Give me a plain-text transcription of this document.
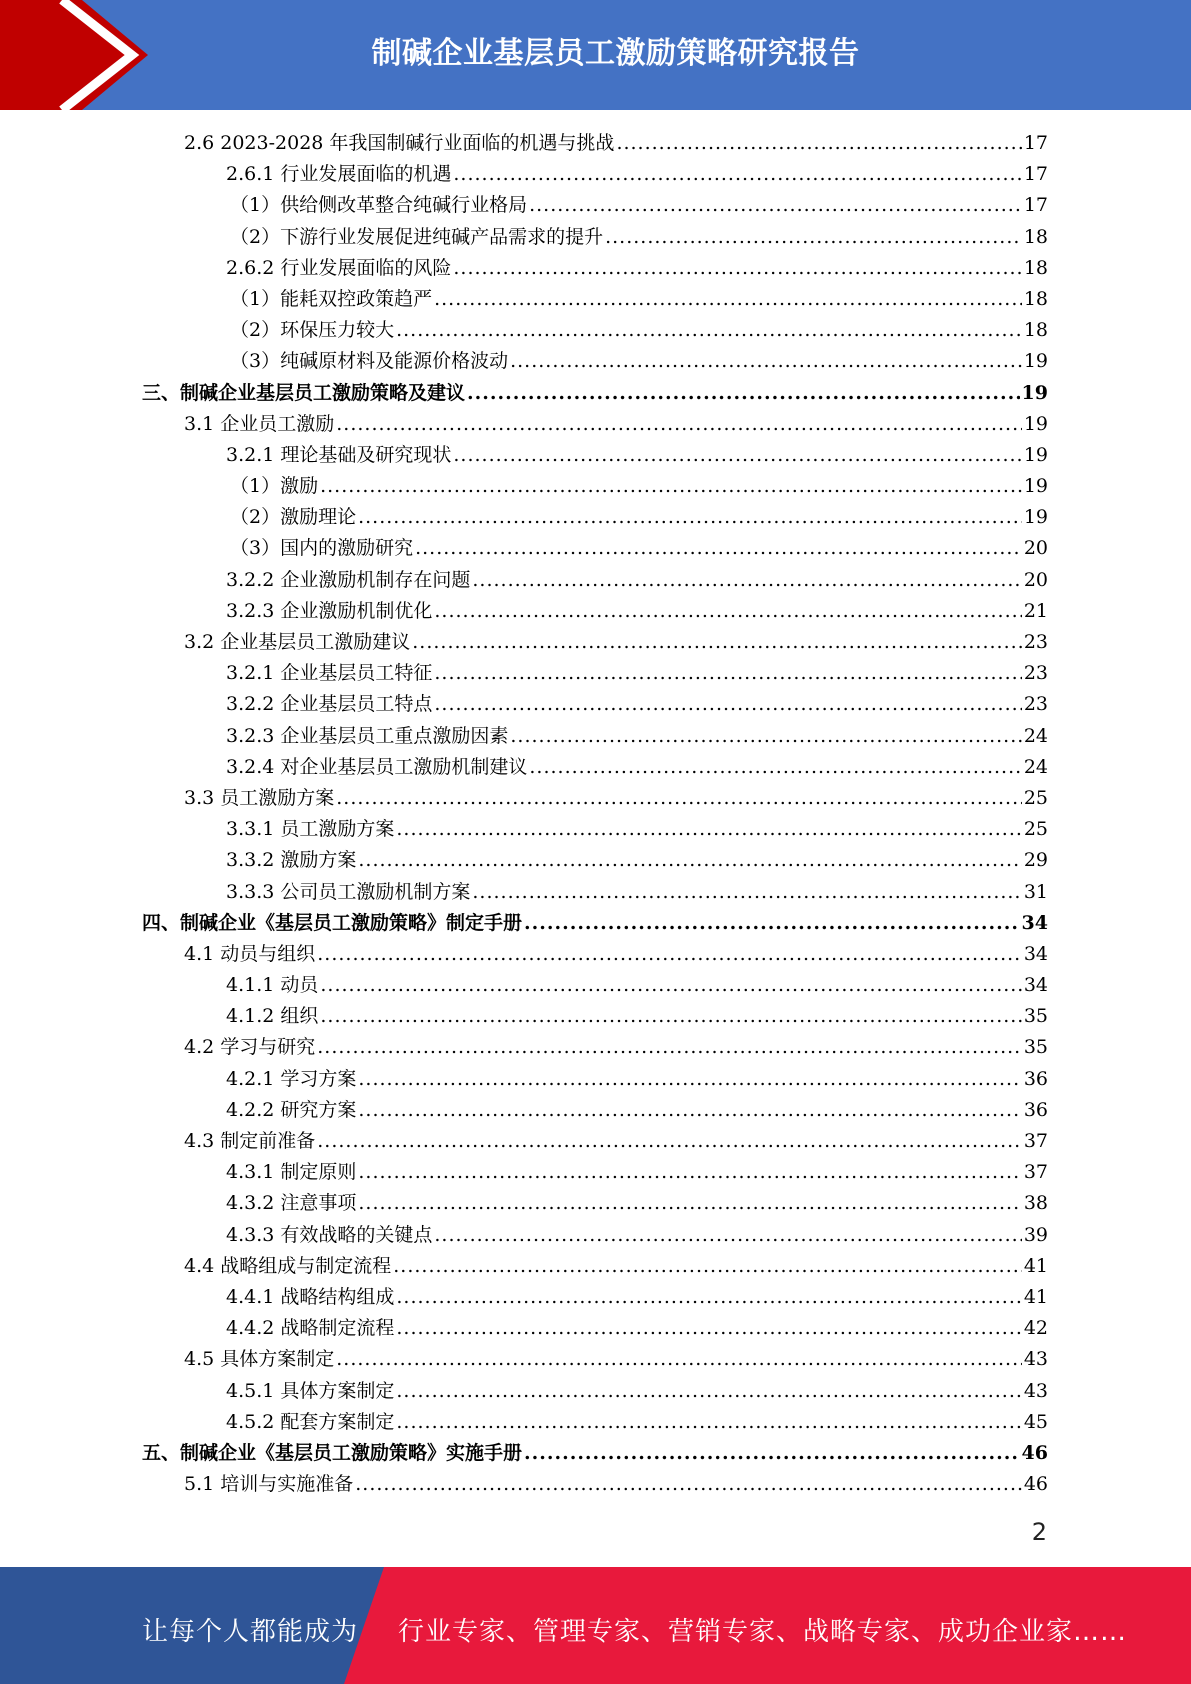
制碱企业基层员工激励策略研究报告
2.6 2023-2028 年我国制碱行业面临的机遇与挑战 .....	17
2.6.1 行业发展面临的机遇 .....	17
（1）供给侧改革整合纯碱行业格局 .....	17
（2）下游行业发展促进纯碱产品需求的提升 .....	18
2.6.2 行业发展面临的风险 .....	18
（1）能耗双控政策趋严 .....	18
（2）环保压力较大 .....	18
（3）纯碱原材料及能源价格波动 .....	19
三、制碱企业基层员工激励策略及建议 .....	19
3.1 企业员工激励 .....	19
3.2.1 理论基础及研究现状 .....	19
（1）激励 .....	19
（2）激励理论 .....	19
（3）国内的激励研究 .....	20
3.2.2 企业激励机制存在问题 .....	20
3.2.3 企业激励机制优化 .....	21
3.2 企业基层员工激励建议 .....	23
3.2.1 企业基层员工特征 .....	23
3.2.2 企业基层员工特点 .....	23
3.2.3 企业基层员工重点激励因素 .....	24
3.2.4 对企业基层员工激励机制建议 .....	24
3.3 员工激励方案 .....	25
3.3.1 员工激励方案 .....	25
3.3.2 激励方案 .....	29
3.3.3 公司员工激励机制方案 .....	31
四、制碱企业《基层员工激励策略》制定手册 .....	34
4.1 动员与组织 .....	34
4.1.1 动员 .....	34
4.1.2 组织 .....	35
4.2 学习与研究 .....	35
4.2.1 学习方案 .....	36
4.2.2 研究方案 .....	36
4.3 制定前准备 .....	37
4.3.1 制定原则 .....	37
4.3.2 注意事项 .....	38
4.3.3 有效战略的关键点 .....	39
4.4 战略组成与制定流程 .....	41
4.4.1 战略结构组成 .....	41
4.4.2 战略制定流程 .....	42
4.5 具体方案制定 .....	43
4.5.1 具体方案制定 .....	43
4.5.2 配套方案制定 .....	45
五、制碱企业《基层员工激励策略》实施手册 .....	46
5.1 培训与实施准备 .....	46
2
让每个人都能成为 行业专家、管理专家、营销专家、战略专家、成功企业家……
